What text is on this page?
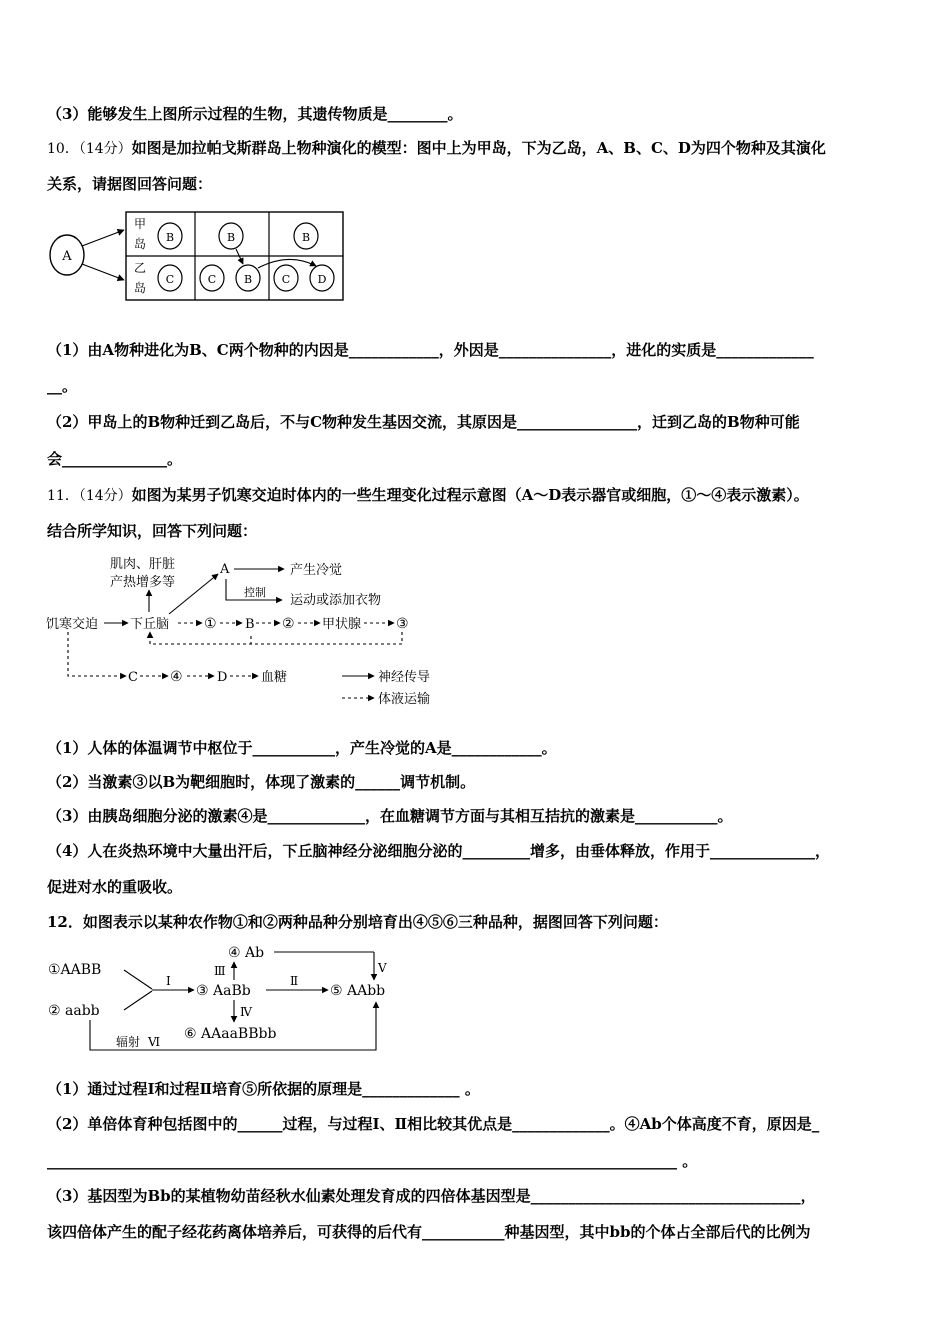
（3）能够发生上图所示过程的生物，其遗传物质是________。
10．（14分）如图是加拉帕戈斯群岛上物种演化的模型：图中上为甲岛，下为乙岛，A、B、C、D为四个物种及其演化
关系，请据图回答问题：
A
甲
岛
乙
岛
B
C
B
C	B
B
C D
（1）由A物种进化为B、C两个物种的内因是____________，外因是_______________，进化的实质是_____________
__。
（2）甲岛上的B物种迁到乙岛后，不与C物种发生基因交流，其原因是________________，迁到乙岛的B物种可能
会______________。
11．（14分）如图为某男子饥寒交迫时体内的一些生理变化过程示意图（A～D表示器官或细胞，①～④表示激素）。
结合所学知识，回答下列问题：
肌肉、肝脏
产热增多等
A	产生冷觉
控制
运动或添加衣物
饥寒交迫 下丘脑 ① B ② 甲状腺 ③
C ④	D	血糖	神经传导
体液运输
（1）人体的体温调节中枢位于___________，产生冷觉的A是____________。
（2）当激素③以B为靶细胞时，体现了激素的______调节机制。
（3）由胰岛细胞分泌的激素④是_____________，在血糖调节方面与其相互拮抗的激素是___________。
（4）人在炎热环境中大量出汗后，下丘脑神经分泌细胞分泌的_________增多，由垂体释放，作用于______________，
促进对水的重吸收。
12．如图表示以某种农作物①和②两种品种分别培育出④⑤⑥三种品种，据图回答下列问题：
①AABB
② aabb
Ⅰ
③ AaBb
Ⅲ
④ Ab
Ⅴ
Ⅱ
⑤ AAbb
Ⅳ
⑥ AAaaBBbb
辐射 Ⅵ
（1）通过过程Ⅰ和过程Ⅱ培育⑤所依据的原理是_____________ 。
（2）单倍体育种包括图中的______过程，与过程Ⅰ、Ⅱ相比较其优点是_____________。④Ab个体高度不育，原因是_
____________________________________________________________________________________ 。
（3）基因型为Bb的某植物幼苗经秋水仙素处理发育成的四倍体基因型是____________________________________，
该四倍体产生的配子经花药离体培养后，可获得的后代有___________种基因型，其中bb的个体占全部后代的比例为
